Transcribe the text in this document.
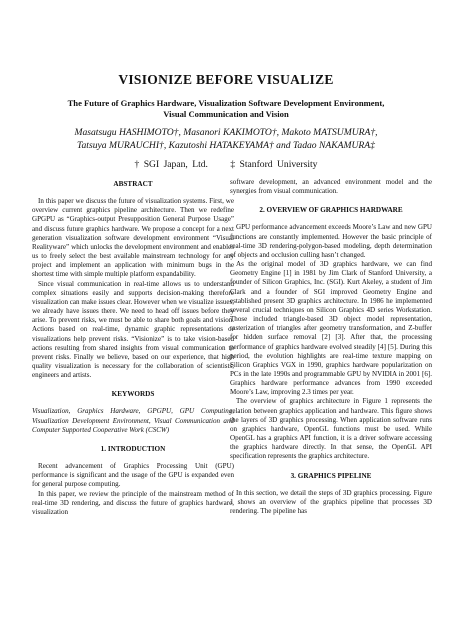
VISIONIZE BEFORE VISUALIZE
The Future of Graphics Hardware, Visualization Software Development Environment,
Visual Communication and Vision
Masatsugu HASHIMOTO†, Masanori KAKIMOTO†, Makoto MATSUMURA†,
Tatsuya MURAUCHI†, Kazutoshi HATAKEYAMA† and Tadao NAKAMURA‡
† SGI Japan, Ltd. ‡ Stanford University
ABSTRACT

In this paper we discuss the future of visualization systems. First, we overview current graphics pipeline architecture. Then we redefine GPGPU as “Graphics-output Presupposition General Purpose Usage” and discuss future graphics hardware. We propose a concept for a next generation visualization software development environment “Visual Realityware” which unlocks the development environment and enables us to freely select the best available mainstream technology for any project and implement an application with minimum bugs in the shortest time with simple multiple platform expandability.

Since visual communication in real-time allows us to understand complex situations easily and supports decision-making therefore visualization can make issues clear. However when we visualize issues, we already have issues there. We need to head off issues before they arise. To prevent risks, we must be able to share both goals and vision. Actions based on real-time, dynamic graphic representations or visualizations help prevent risks. “Visionize” is to take vision-based actions resulting from shared insights from visual communication to prevent risks. Finally we believe, based on our experience, that high quality visualization is necessary for the collaboration of scientists, engineers and artists.

KEYWORDS

Visualization, Graphics Hardware, GPGPU, GPU Computing, Visualization Development Environment, Visual Communication and Computer Supported Cooperative Work (CSCW)

1. INTRODUCTION

Recent advancement of Graphics Processing Unit (GPU) performance is significant and the usage of the GPU is expanded even for general purpose computing.

In this paper, we review the principle of the mainstream method of real-time 3D rendering, and discuss the future of graphics hardware, visualization

software development, an advanced environment model and the synergies from visual communication.

2. OVERVIEW OF GRAPHICS HARDWARE

GPU performance advancement exceeds Moore’s Law and new GPU functions are constantly implemented. However the basic principle of real-time 3D rendering-polygon-based modeling, depth determination of objects and occlusion culling hasn’t changed.

As the original model of 3D graphics hardware, we can find Geometry Engine [1] in 1981 by Jim Clark of Stanford University, a founder of Silicon Graphics, Inc. (SGI). Kurt Akeley, a student of Jim Clark and a founder of SGI improved Geometry Engine and established present 3D graphics architecture. In 1986 he implemented several crucial techniques on Silicon Graphics 4D series Workstation. Those included triangle-based 3D object model representation, rasterization of triangles after geometry transformation, and Z-buffer for hidden surface removal [2] [3]. After that, the processing performance of graphics hardware evolved steadily [4] [5]. During this period, the evolution highlights are real-time texture mapping on Silicon Graphics VGX in 1990, graphics hardware popularization on PCs in the late 1990s and programmable GPU by NVIDIA in 2001 [6]. Graphics hardware performance advances from 1990 exceeded Moore’s Law, improving 2.3 times per year.

The overview of graphics architecture in Figure 1 represents the relation between graphics application and hardware. This figure shows the layers of 3D graphics processing. When application software runs on graphics hardware, OpenGL functions must be used. While OpenGL has a graphics API function, it is a driver software accessing the graphics hardware directly. In that sense, the OpenGL API specification represents the graphics architecture.

3. GRAPHICS PIPELINE

In this section, we detail the steps of 3D graphics processing. Figure 1 shows an overview of the graphics pipeline that processes 3D rendering. The pipeline has
